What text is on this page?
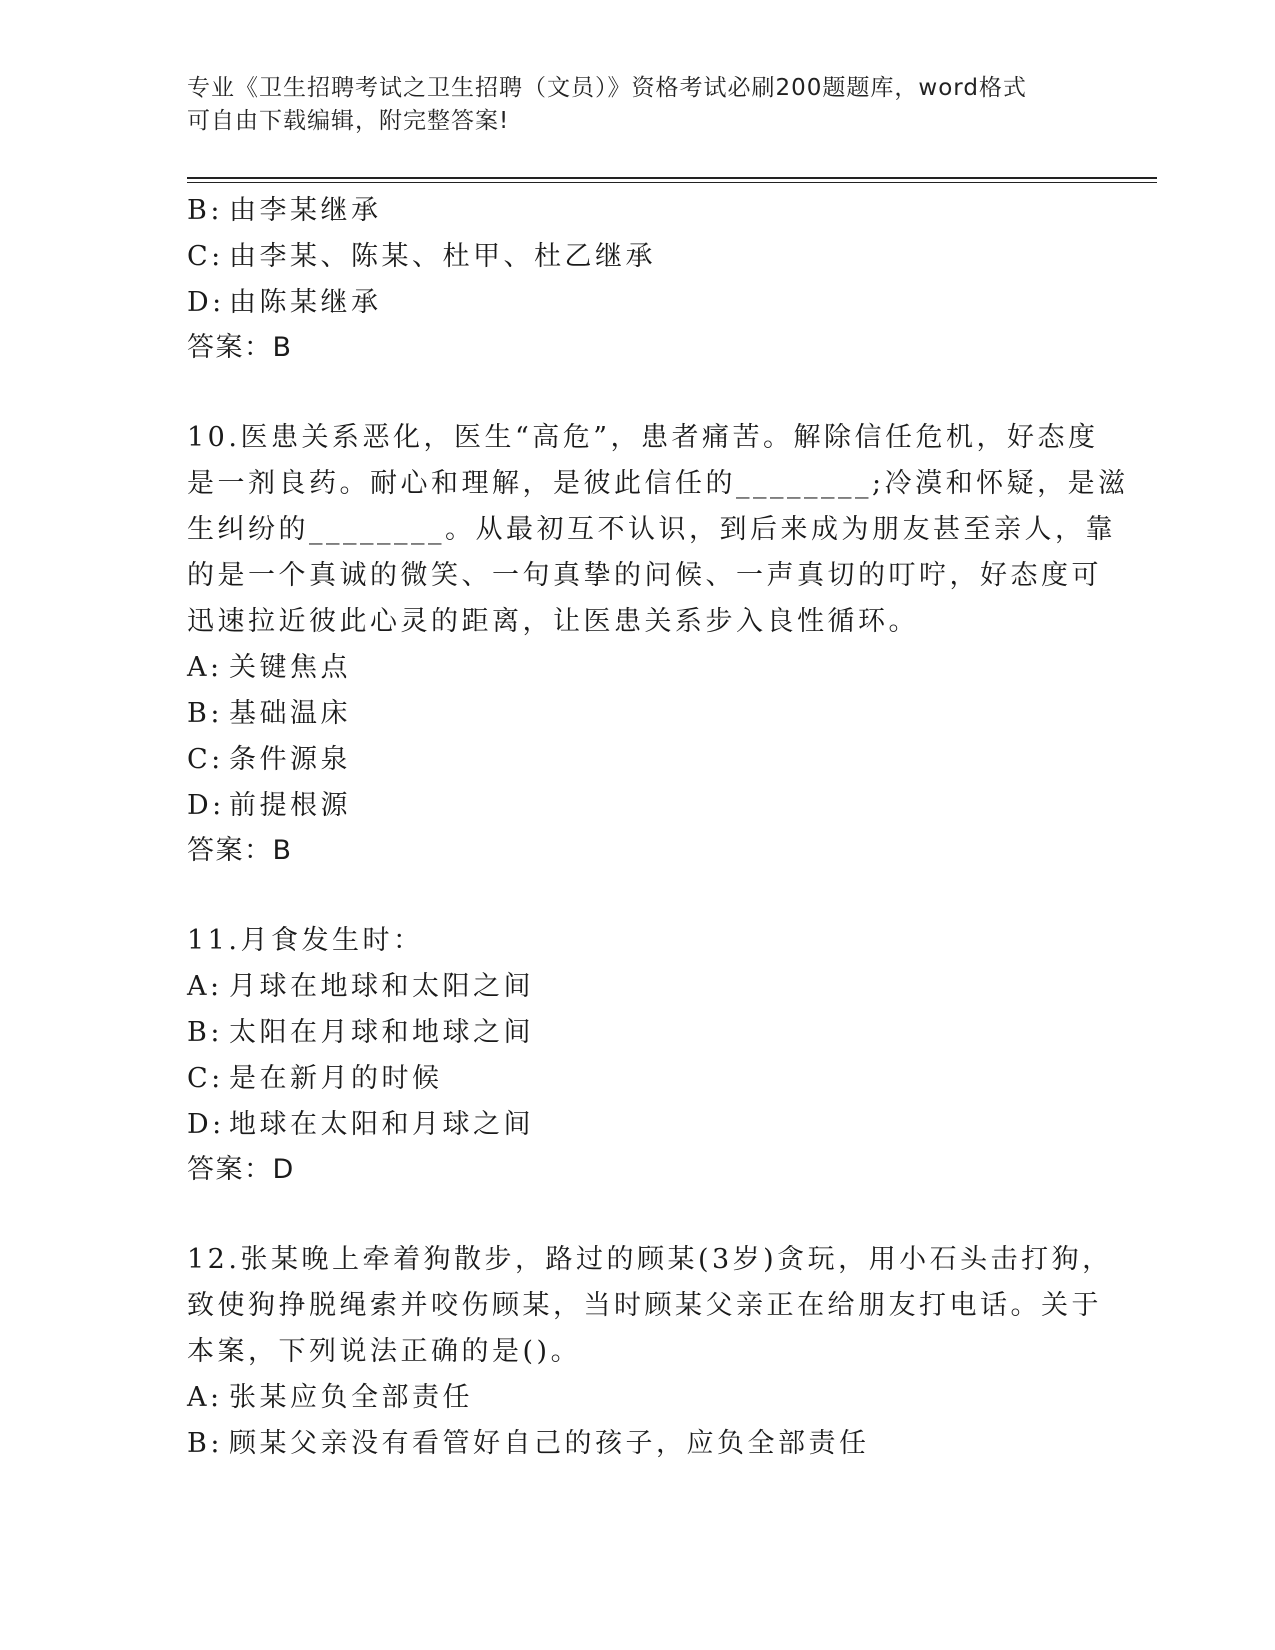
专业《卫生招聘考试之卫生招聘（文员）》资格考试必刷200题题库，word格式
可自由下载编辑，附完整答案!
B: 由李某继承
C: 由李某、陈某、杜甲、杜乙继承
D: 由陈某继承
答案：B
10.医患关系恶化，医生“高危”，患者痛苦。解除信任危机，好态度
是一剂良药。耐心和理解，是彼此信任的________;冷漠和怀疑，是滋
生纠纷的________。从最初互不认识，到后来成为朋友甚至亲人，靠
的是一个真诚的微笑、一句真挚的问候、一声真切的叮咛，好态度可
迅速拉近彼此心灵的距离，让医患关系步入良性循环。
A: 关键焦点
B: 基础温床
C: 条件源泉
D: 前提根源
答案：B
11.月食发生时：
A: 月球在地球和太阳之间
B: 太阳在月球和地球之间
C: 是在新月的时候
D: 地球在太阳和月球之间
答案：D
12.张某晚上牵着狗散步，路过的顾某(3岁)贪玩，用小石头击打狗，
致使狗挣脱绳索并咬伤顾某，当时顾某父亲正在给朋友打电话。关于
本案，下列说法正确的是()。
A: 张某应负全部责任
B: 顾某父亲没有看管好自己的孩子，应负全部责任
